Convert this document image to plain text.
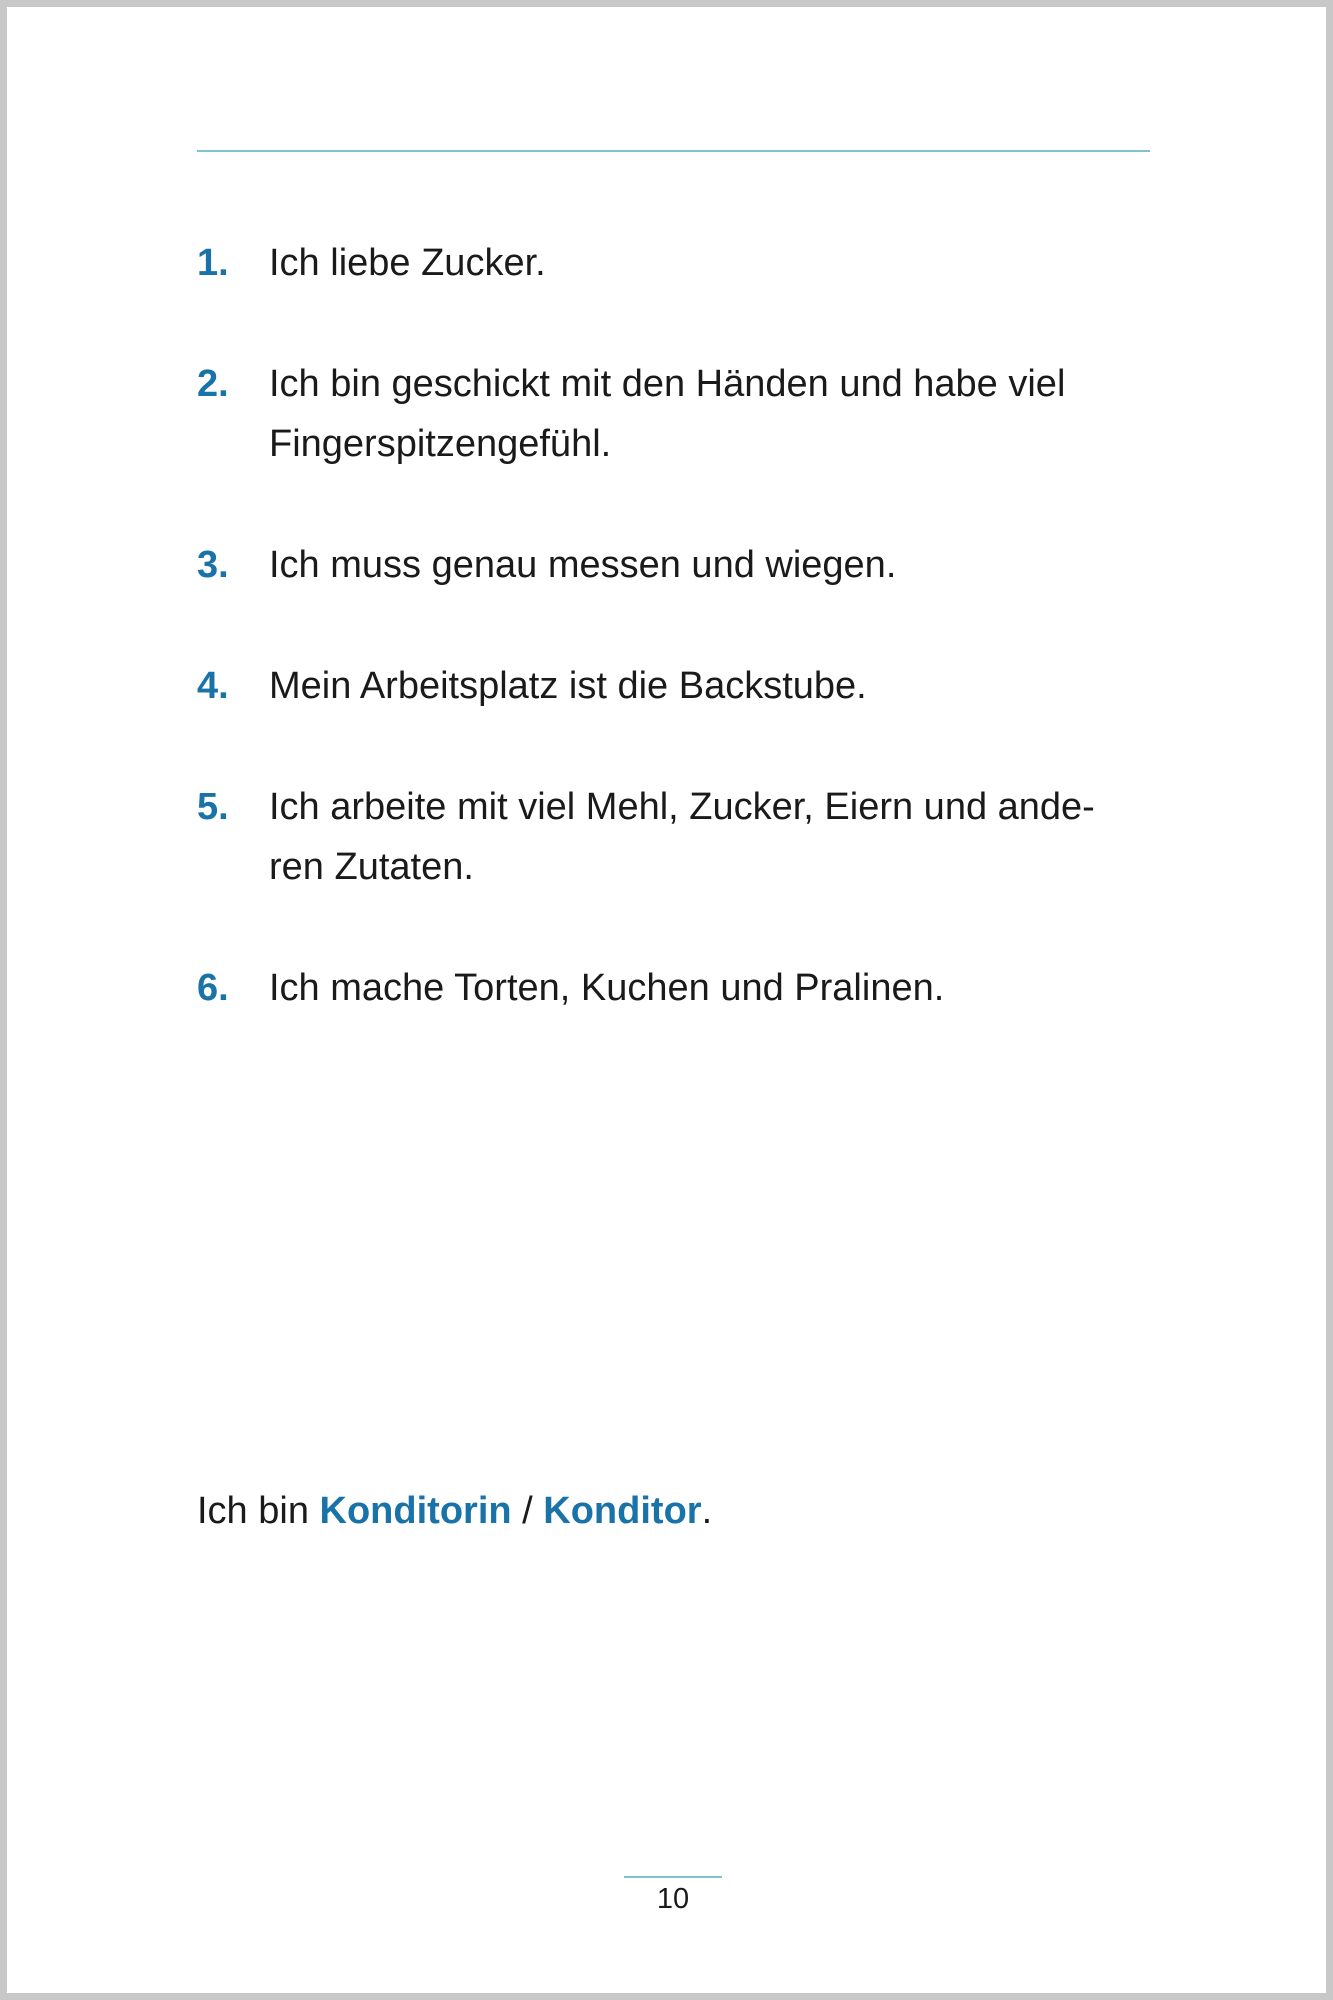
1.	Ich liebe Zucker.
2.	Ich bin geschickt mit den Händen und habe viel
Fingerspitzengefühl.
3.	Ich muss genau messen und wiegen.
4.	Mein Arbeitsplatz ist die Backstube.
5.	Ich arbeite mit viel Mehl, Zucker, Eiern und ande-
ren Zutaten.
6.	Ich mache Torten, Kuchen und Pralinen.

Ich bin Konditorin / Konditor.

10
